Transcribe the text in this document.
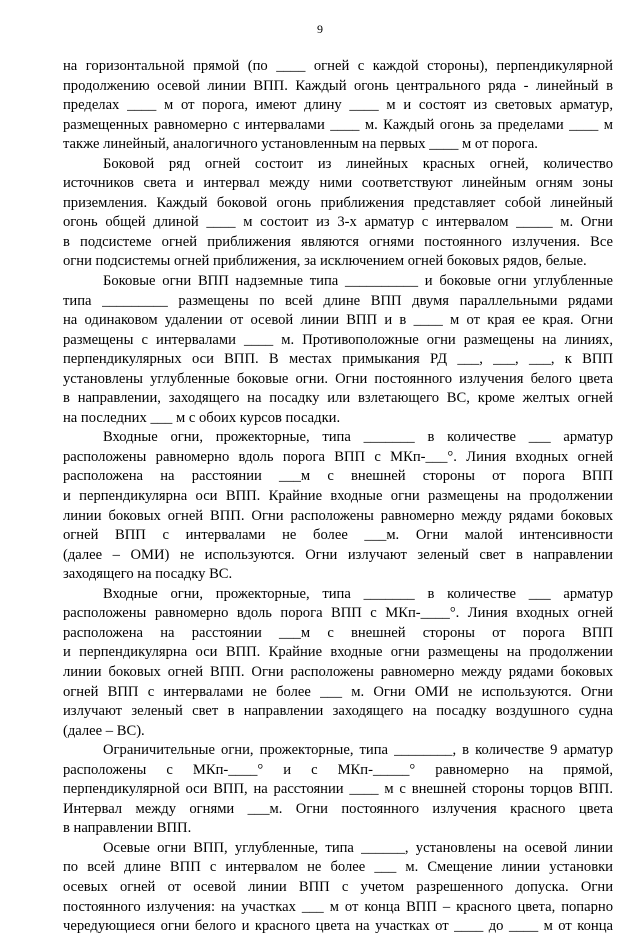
9
на горизонтальной прямой (по ____ огней с каждой стороны), перпендикулярной
продолжению осевой линии ВПП. Каждый огонь центрального ряда - линейный в
пределах ____ м от порога, имеют длину ____ м и состоят из световых арматур,
размещенных равномерно с интервалами ____ м. Каждый огонь за пределами ____ м
также линейный, аналогичного установленным на первых ____ м от порога.
Боковой ряд огней состоит из линейных красных огней, количество
источников света и интервал между ними соответствуют линейным огням зоны
приземления. Каждый боковой огонь приближения представляет собой линейный
огонь общей длиной ____ м состоит из 3-х арматур с интервалом _____ м. Огни
в подсистеме огней приближения являются огнями постоянного излучения. Все
огни подсистемы огней приближения, за исключением огней боковых рядов, белые.
Боковые огни ВПП надземные типа __________ и боковые огни углубленные
типа _________ размещены по всей длине ВПП двумя параллельными рядами
на одинаковом удалении от осевой линии ВПП и в ____ м от края ее края. Огни
размещены с интервалами ____ м. Противоположные огни размещены на линиях,
перпендикулярных оси ВПП. В местах примыкания РД ___, ___, ___, к ВПП
установлены углубленные боковые огни. Огни постоянного излучения белого цвета
в направлении, заходящего на посадку или взлетающего ВС, кроме желтых огней
на последних ___ м с обоих курсов посадки.
Входные огни, прожекторные, типа _______ в количестве ___ арматур
расположены равномерно вдоль порога ВПП с МКп-___°. Линия входных огней
расположена на расстоянии ___м с внешней стороны от порога ВПП
и перпендикулярна оси ВПП. Крайние входные огни размещены на продолжении
линии боковых огней ВПП. Огни расположены равномерно между рядами боковых
огней ВПП с интервалами не более ___м. Огни малой интенсивности
(далее – ОМИ) не используются. Огни излучают зеленый свет в направлении
заходящего на посадку ВС.
Входные огни, прожекторные, типа _______ в количестве ___ арматур
расположены равномерно вдоль порога ВПП с МКп-____°. Линия входных огней
расположена на расстоянии ___м с внешней стороны от порога ВПП
и перпендикулярна оси ВПП. Крайние входные огни размещены на продолжении
линии боковых огней ВПП. Огни расположены равномерно между рядами боковых
огней ВПП с интервалами не более ___ м. Огни ОМИ не используются. Огни
излучают зеленый свет в направлении заходящего на посадку воздушного судна
(далее – ВС).
Ограничительные огни, прожекторные, типа ________, в количестве 9 арматур
расположены с МКп-____° и с МКп-_____° равномерно на прямой,
перпендикулярной оси ВПП, на расстоянии ____ м с внешней стороны торцов ВПП.
Интервал между огнями ___м. Огни постоянного излучения красного цвета
в направлении ВПП.
Осевые огни ВПП, углубленные, типа ______, установлены на осевой линии
по всей длине ВПП с интервалом не более ___ м. Смещение линии установки
осевых огней от осевой линии ВПП с учетом разрешенного допуска. Огни
постоянного излучения: на участках ___ м от конца ВПП – красного цвета, попарно
чередующиеся огни белого и красного цвета на участках от ____ до ____ м от конца
